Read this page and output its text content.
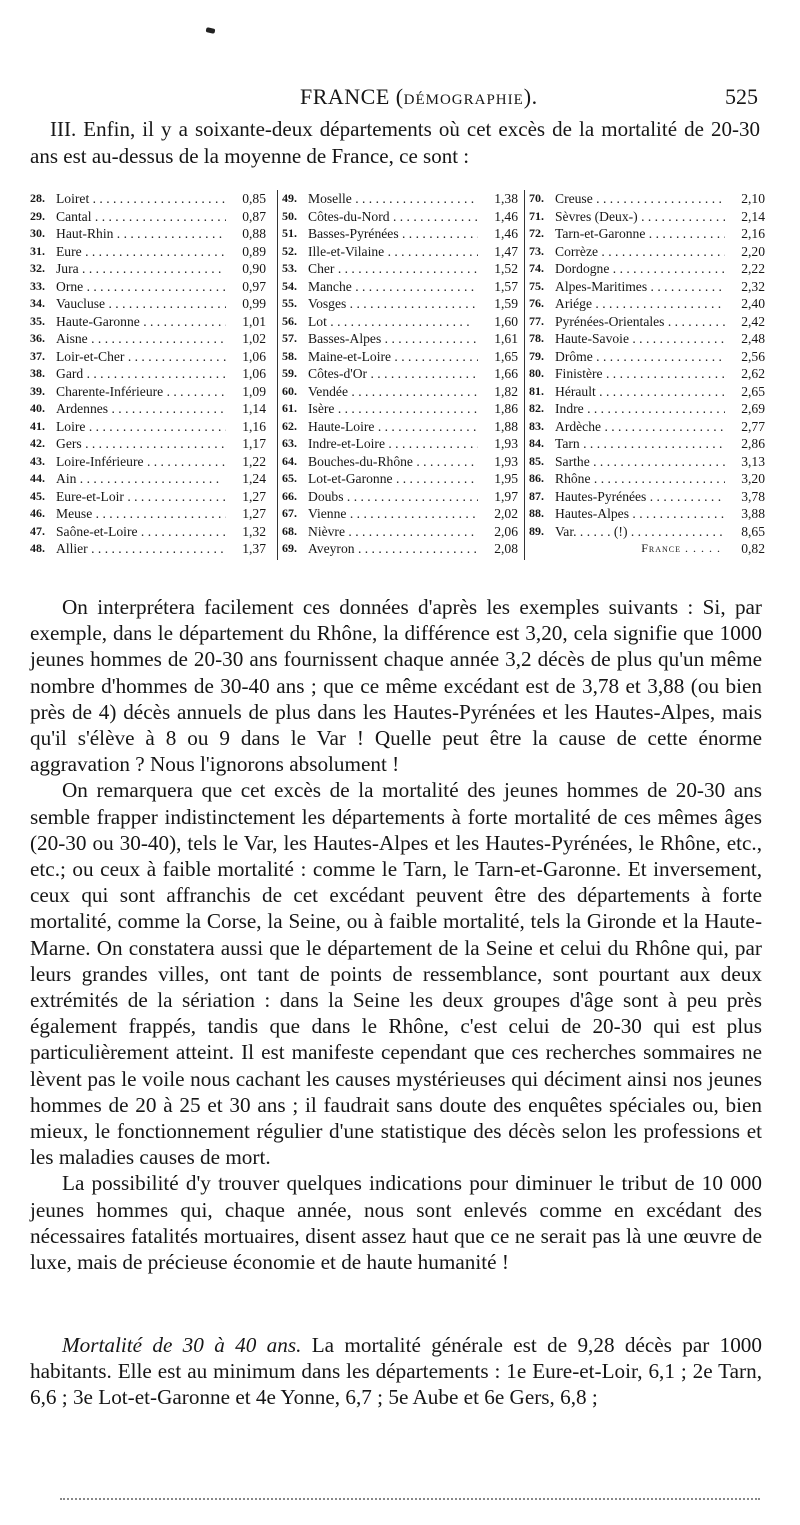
FRANCE (DÉMOGRAPHIE).	525

III. Enfin, il y a soixante-deux départements où cet excès de la mortalité de 20-30 ans est au-dessus de la moyenne de France, ce sont :

28. Loiret . . .	0,85
29. Cantal . . .	0,87
30. Haut-Rhin . . .	0,88
31. Eure . . .	0,89
32. Jura . . .	0,90
33. Orne . . .	0,97
34. Vaucluse . . .	0,99
35. Haute-Garonne . . .	1,01
36. Aisne . . .	1,02
37. Loir-et-Cher . . .	1,06
38. Gard . . .	1,06
39. Charente-Inférieure . . .	1,09
40. Ardennes . . .	1,14
41. Loire . . .	1,16
42. Gers . . .	1,17
43. Loire-Inférieure . . .	1,22
44. Ain . . .	1,24
45. Eure-et-Loir . . .	1,27
46. Meuse . . .	1,27
47. Saône-et-Loire . . .	1,32
48. Allier . . .	1,37
49. Moselle . . .	1,38
50. Côtes-du-Nord . . .	1,46
51. Basses-Pyrénées . . .	1,46
52. Ille-et-Vilaine . . .	1,47
53. Cher . . .	1,52
54. Manche . . .	1,57
55. Vosges . . .	1,59
56. Lot . . .	1,60
57. Basses-Alpes . . .	1,61
58. Maine-et-Loire . . .	1,65
59. Côtes-d'Or . . .	1,66
60. Vendée . . .	1,82
61. Isère . . .	1,86
62. Haute-Loire . . .	1,88
63. Indre-et-Loire . . .	1,93
64. Bouches-du-Rhône . . .	1,93
65. Lot-et-Garonne . . .	1,95
66. Doubs . . .	1,97
67. Vienne . . .	2,02
68. Nièvre . . .	2,06
69. Aveyron . . .	2,08
70. Creuse . . .	2,10
71. Sèvres (Deux-) . . .	2,14
72. Tarn-et-Garonne . . .	2,16
73. Corrèze . . .	2,20
74. Dordogne . . .	2,22
75. Alpes-Maritimes . . .	2,32
76. Ariége . . .	2,40
77. Pyrénées-Orientales . . .	2,42
78. Haute-Savoie . . .	2,48
79. Drôme . . .	2,56
80. Finistère . . .	2,62
81. Hérault . . .	2,65
82. Indre . . .	2,69
83. Ardèche . . .	2,77
84. Tarn . . .	2,86
85. Sarthe . . .	3,13
86. Rhône . . .	3,20
87. Hautes-Pyrénées . . .	3,78
88. Hautes-Alpes . . .	3,88
89. Var. . . . . . (!) . . .	8,65
France . . .	0,82

On interprétera facilement ces données d'après les exemples suivants : Si, par exemple, dans le département du Rhône, la différence est 3,20, cela signifie que 1000 jeunes hommes de 20-30 ans fournissent chaque année 3,2 décès de plus qu'un même nombre d'hommes de 30-40 ans ; que ce même excédant est de 3,78 et 3,88 (ou bien près de 4) décès annuels de plus dans les Hautes-Pyrénées et les Hautes-Alpes, mais qu'il s'élève à 8 ou 9 dans le Var ! Quelle peut être la cause de cette énorme aggravation ? Nous l'ignorons absolument !

On remarquera que cet excès de la mortalité des jeunes hommes de 20-30 ans semble frapper indistinctement les départements à forte mortalité de ces mêmes âges (20-30 ou 30-40), tels le Var, les Hautes-Alpes et les Hautes-Pyrénées, le Rhône, etc., etc.; ou ceux à faible mortalité : comme le Tarn, le Tarn-et-Garonne. Et inversement, ceux qui sont affranchis de cet excédant peuvent être des départements à forte mortalité, comme la Corse, la Seine, ou à faible mortalité, tels la Gironde et la Haute-Marne. On constatera aussi que le département de la Seine et celui du Rhône qui, par leurs grandes villes, ont tant de points de ressemblance, sont pourtant aux deux extrémités de la sériation : dans la Seine les deux groupes d'âge sont à peu près également frappés, tandis que dans le Rhône, c'est celui de 20-30 qui est plus particulièrement atteint. Il est manifeste cependant que ces recherches sommaires ne lèvent pas le voile nous cachant les causes mystérieuses qui déciment ainsi nos jeunes hommes de 20 à 25 et 30 ans ; il faudrait sans doute des enquêtes spéciales ou, bien mieux, le fonctionnement régulier d'une statistique des décès selon les professions et les maladies causes de mort.

La possibilité d'y trouver quelques indications pour diminuer le tribut de 10 000 jeunes hommes qui, chaque année, nous sont enlevés comme en excédant des nécessaires fatalités mortuaires, disent assez haut que ce ne serait pas là une œuvre de luxe, mais de précieuse économie et de haute humanité !

Mortalité de 30 à 40 ans. La mortalité générale est de 9,28 décès par 1000 habitants. Elle est au minimum dans les départements : 1e Eure-et-Loir, 6,1 ; 2e Tarn, 6,6 ; 3e Lot-et-Garonne et 4e Yonne, 6,7 ; 5e Aube et 6e Gers, 6,8 ;
